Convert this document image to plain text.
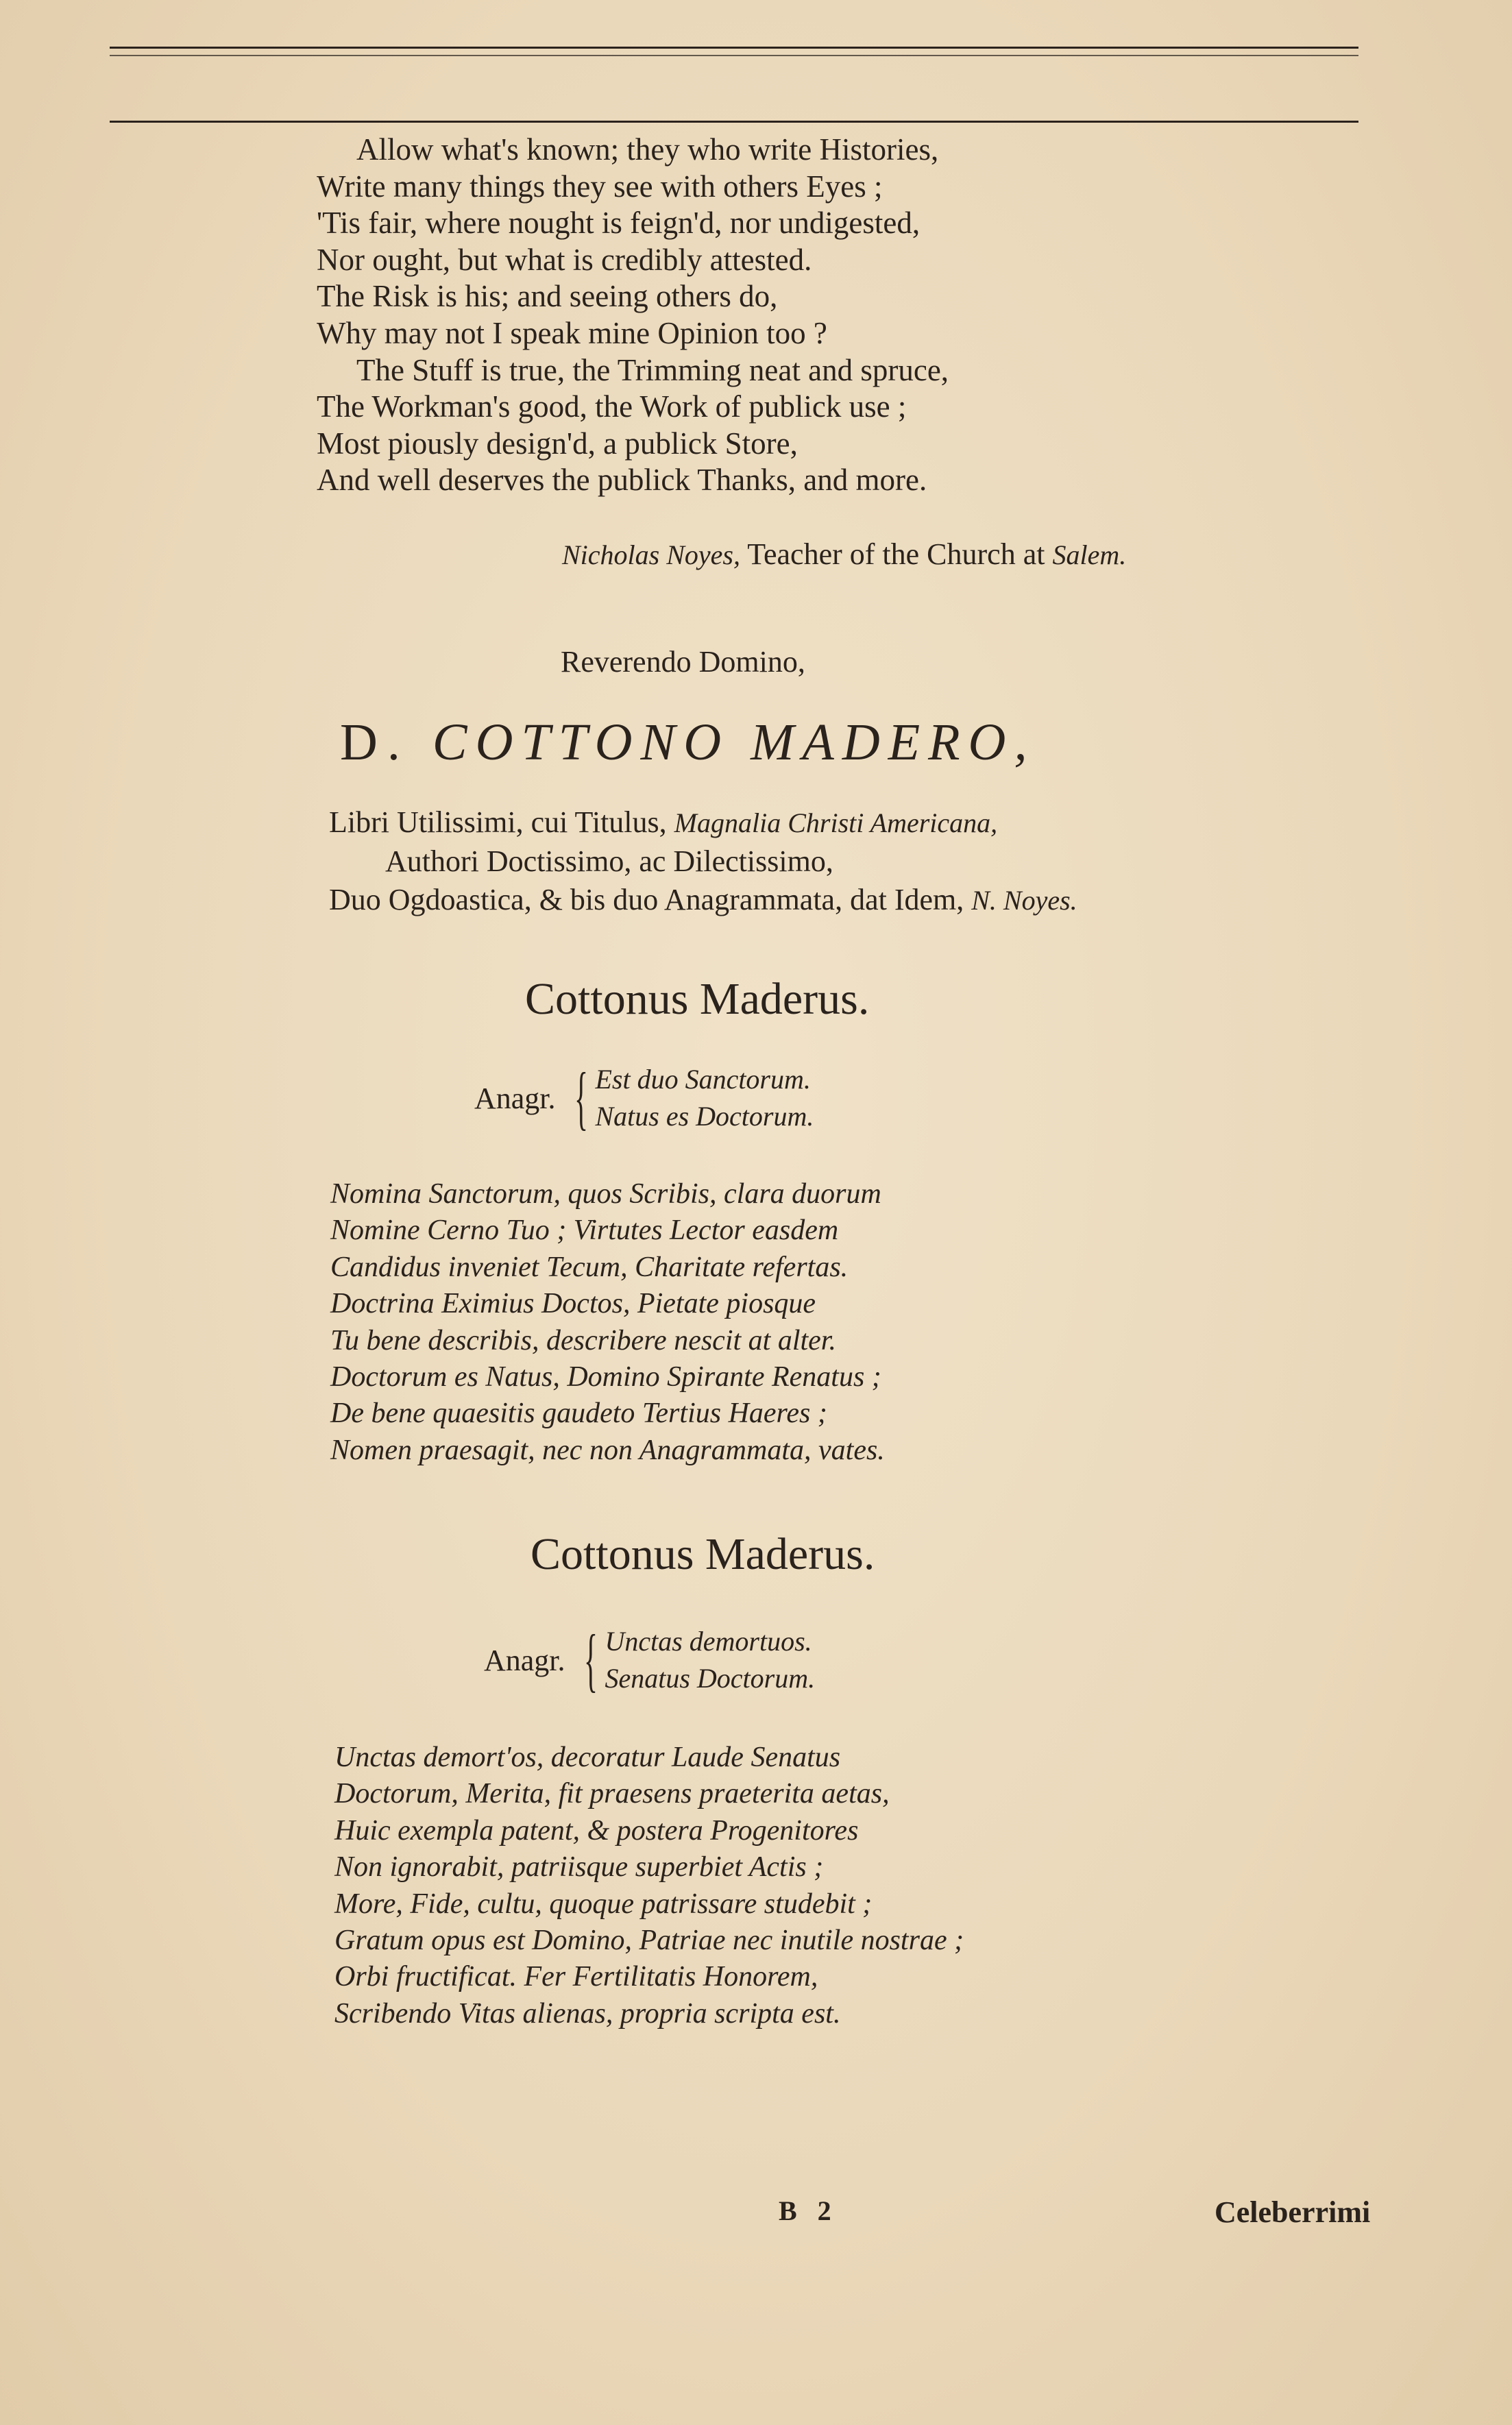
Allow what's known; they who write Histories,
Write many things they see with others Eyes ;
'Tis fair, where nought is feign'd, nor undigested,
Nor ought, but what is credibly attested.
The Risk is his; and seeing others do,
Why may not I speak mine Opinion too ?
The Stuff is true, the Trimming neat and spruce,
The Workman's good, the Work of publick use ;
Most piously design'd, a publick Store,
And well deserves the publick Thanks, and more.
Nicholas Noyes, Teacher of the Church at Salem.
Reverendo Domino,
D. COTTONO MADERO,
Libri Utilissimi, cui Titulus, Magnalia Christi Americana,
Authori Doctissimo, ac Dilectissimo,
Duo Ogdoastica, & bis duo Anagrammata, dat Idem, N. Noyes.
Cottonus Maderus.
Anagr. { Est duo Sanctorum.
Natus es Doctorum.
Nomina Sanctorum, quos Scribis, clara duorum
Nomine Cerno Tuo ; Virtutes Lector easdem
Candidus inveniet Tecum, Charitate refertas.
Doctrina Eximius Doctos, Pietate piosque
Tu bene describis, describere nescit at alter.
Doctorum es Natus, Domino Spirante Renatus ;
De bene quaesitis gaudeto Tertius Haeres ;
Nomen praesagit, nec non Anagrammata, vates.
Cottonus Maderus.
Anagr. { Unctas demortuos.
Senatus Doctorum.
Unctas demort'os, decoratur Laude Senatus
Doctorum, Merita, fit praesens praeterita aetas,
Huic exempla patent, & postera Progenitores
Non ignorabit, patriisque superbiet Actis ;
More, Fide, cultu, quoque patrissare studebit ;
Gratum opus est Domino, Patriae nec inutile nostrae ;
Orbi fructificat. Fer Fertilitatis Honorem,
Scribendo Vitas alienas, propria scripta est.
B 2	Celeberrimi
